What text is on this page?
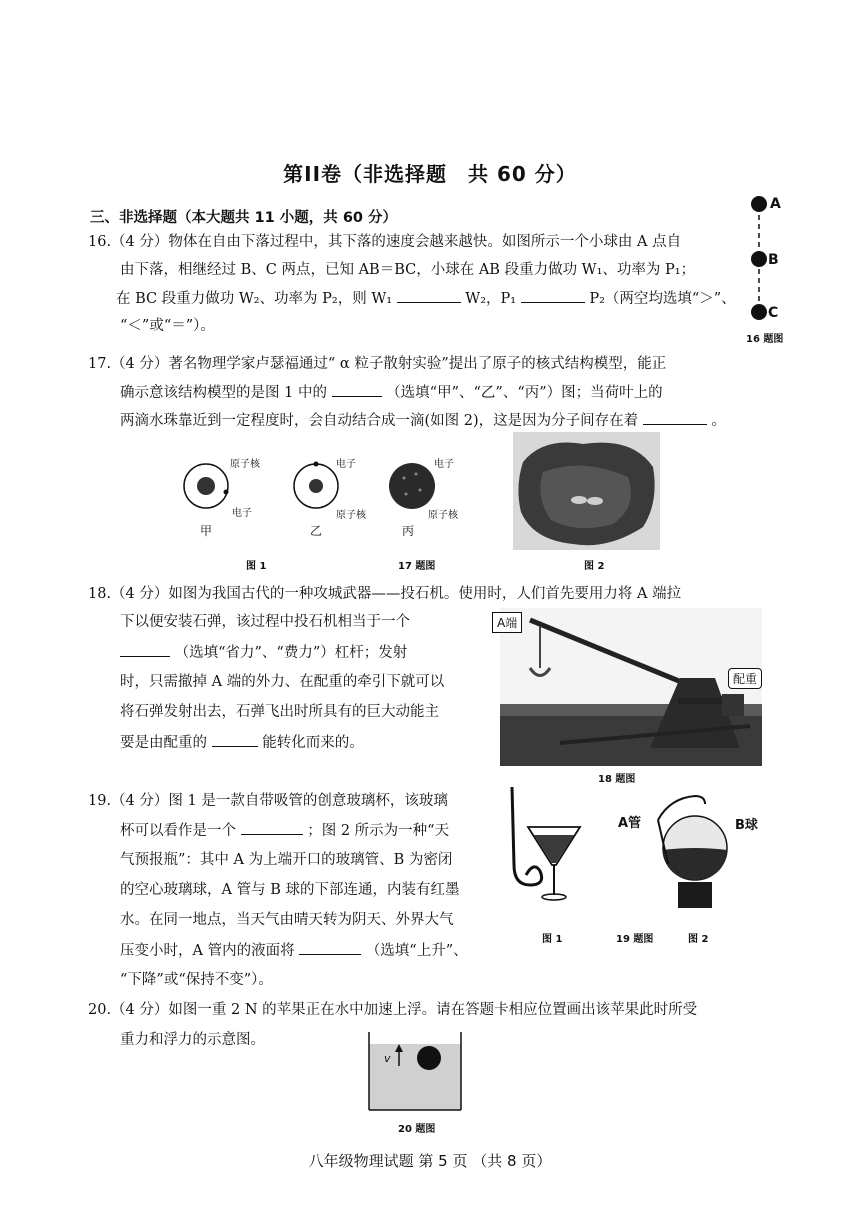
第II卷（非选择题　共 60 分）
三、非选择题（本大题共 11 小题，共 60 分）
16.（4 分）物体在自由下落过程中，其下落的速度会越来越快。如图所示一个小球由 A 点自
由下落，相继经过 B、C 两点，已知 AB＝BC，小球在 AB 段重力做功 W₁、功率为 P₁；
在 BC 段重力做功 W₂、功率为 P₂，则 W₁	W₂，P₁	P₂（两空均选填“＞”、
“＜”或“＝”）。
A
B
C
16 题图
17.（4 分）著名物理学家卢瑟福通过“ α 粒子散射实验”提出了原子的核式结构模型，能正
确示意该结构模型的是图 1 中的	（选填“甲”、“乙”、“丙”）图；当荷叶上的
两滴水珠靠近到一定程度时，会自动结合成一滴(如图 2)，这是因为分子间存在着	。
原子核
电子
甲
电子
原子核
乙
电子
原子核
丙
图 1	17 题图	图 2
18.（4 分）如图为我国古代的一种攻城武器——投石机。使用时，人们首先要用力将 A 端拉
下以便安装石弹，该过程中投石机相当于一个
（选填“省力”、“费力”）杠杆；发射
时，只需撤掉 A 端的外力、在配重的牵引下就可以
将石弹发射出去，石弹飞出时所具有的巨大动能主
要是由配重的	能转化而来的。
A端
配重
18 题图
19.（4 分）图 1 是一款自带吸管的创意玻璃杯，该玻璃
杯可以看作是一个	；图 2 所示为一种“天
气预报瓶”：其中 A 为上端开口的玻璃管、B 为密闭
的空心玻璃球，A 管与 B 球的下部连通，内装有红墨
水。在同一地点，当天气由晴天转为阴天、外界大气
压变小时，A 管内的液面将	（选填“上升”、
“下降”或“保持不变”）。
A管	B球
图 1	19 题图	图 2
20.（4 分）如图一重 2 N 的苹果正在水中加速上浮。请在答题卡相应位置画出该苹果此时所受
重力和浮力的示意图。
v
20 题图
八年级物理试题 第 5 页 （共 8 页）
